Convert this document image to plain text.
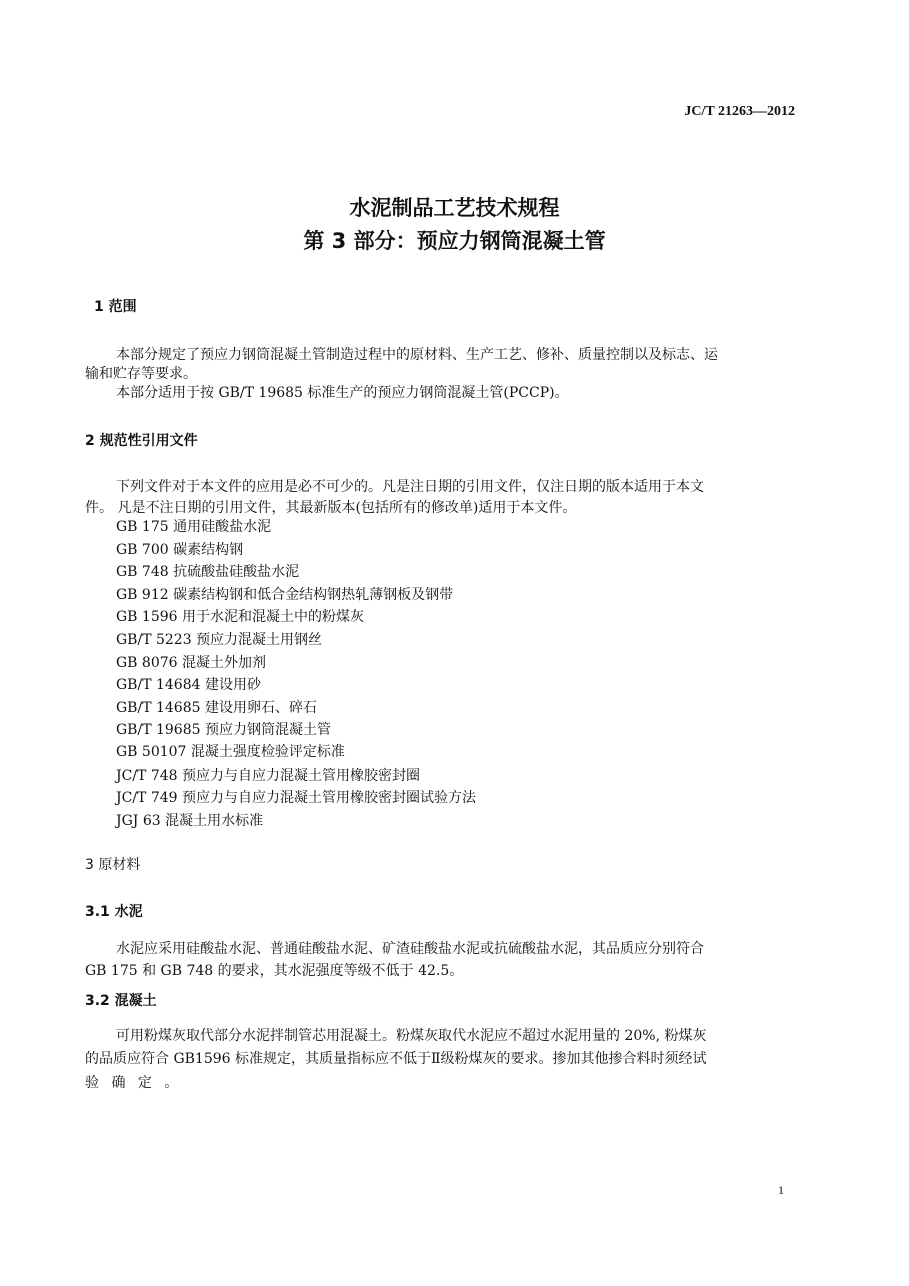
JC/T 21263—2012
水泥制品工艺技术规程
第 3 部分：预应力钢筒混凝土管
1 范围
本部分规定了预应力钢筒混凝土管制造过程中的原材料、生产工艺、修补、质量控制以及标志、运
输和贮存等要求。
本部分适用于按 GB/T 19685 标准生产的预应力钢筒混凝土管(PCCP)。
2 规范性引用文件
下列文件对于本文件的应用是必不可少的。凡是注日期的引用文件，仅注日期的版本适用于本文
件。 凡是不注日期的引用文件，其最新版本(包括所有的修改单)适用于本文件。
GB 175 通用硅酸盐水泥
GB 700 碳素结构钢
GB 748 抗硫酸盐硅酸盐水泥
GB 912 碳素结构钢和低合金结构钢热轧薄钢板及钢带
GB 1596 用于水泥和混凝土中的粉煤灰
GB/T 5223 预应力混凝土用钢丝
GB 8076 混凝土外加剂
GB/T 14684 建设用砂
GB/T 14685 建设用卵石、碎石
GB/T 19685 预应力钢筒混凝土管
GB 50107 混凝土强度检验评定标准
JC/T 748 预应力与自应力混凝土管用橡胶密封圈
JC/T 749 预应力与自应力混凝土管用橡胶密封圈试验方法
JGJ 63 混凝土用水标准
3 原材料
3.1 水泥
水泥应采用硅酸盐水泥、普通硅酸盐水泥、矿渣硅酸盐水泥或抗硫酸盐水泥，其品质应分别符合
GB 175 和 GB 748 的要求，其水泥强度等级不低于 42.5。
3.2 混凝土
可用粉煤灰取代部分水泥拌制管芯用混凝土。粉煤灰取代水泥应不超过水泥用量的 20%, 粉煤灰
的品质应符合 GB1596 标准规定，其质量指标应不低于Ⅱ级粉煤灰的要求。掺加其他掺合料时须经试
验 确 定 。
1
